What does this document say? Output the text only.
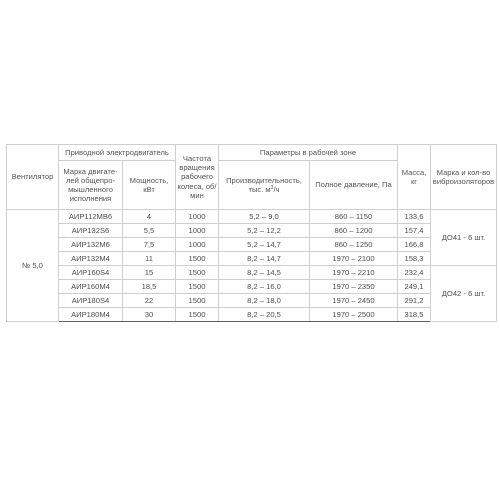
Вентилятор	Приводной электродвигатель		Частота вращения рабочего колеса, об/мин	Параметры в рабочей зоне		Масса, кг	Марка и кол-во виброизоляторов
	Марка двигате-лей общепро-мышленного исполнения	Мощность, кВт		Производительность, тыс. $м^3/ч$	Полное давление, Па		
№ 5,0	АИР112МВ6	4	1000	5,2 – 9,0	860 – 1150	133,6	ДО41 - 6 шт.
	АИР132S6	5,5	1000	5,2 – 12,2	860 – 1200	157,4	
	АИР132М6	7,5	1000	5,2 – 14,7	860 – 1250	166,8	
	АИР132М4	11	1500	8,2 – 14,7	1970 – 2100	158,3	
	АИР160S4	15	1500	8,2 – 14,5	1970 – 2210	232,4	ДО42 - 6 шт.
	АИР160М4	18,5	1500	8,2 – 16,0	1970 – 2350	249,1	
	АИР180S4	22	1500	8,2 – 18,0	1970 – 2450	291,2	
	АИР180М4	30	1500	8,2 – 20,5	1970 – 2500	318,5	
